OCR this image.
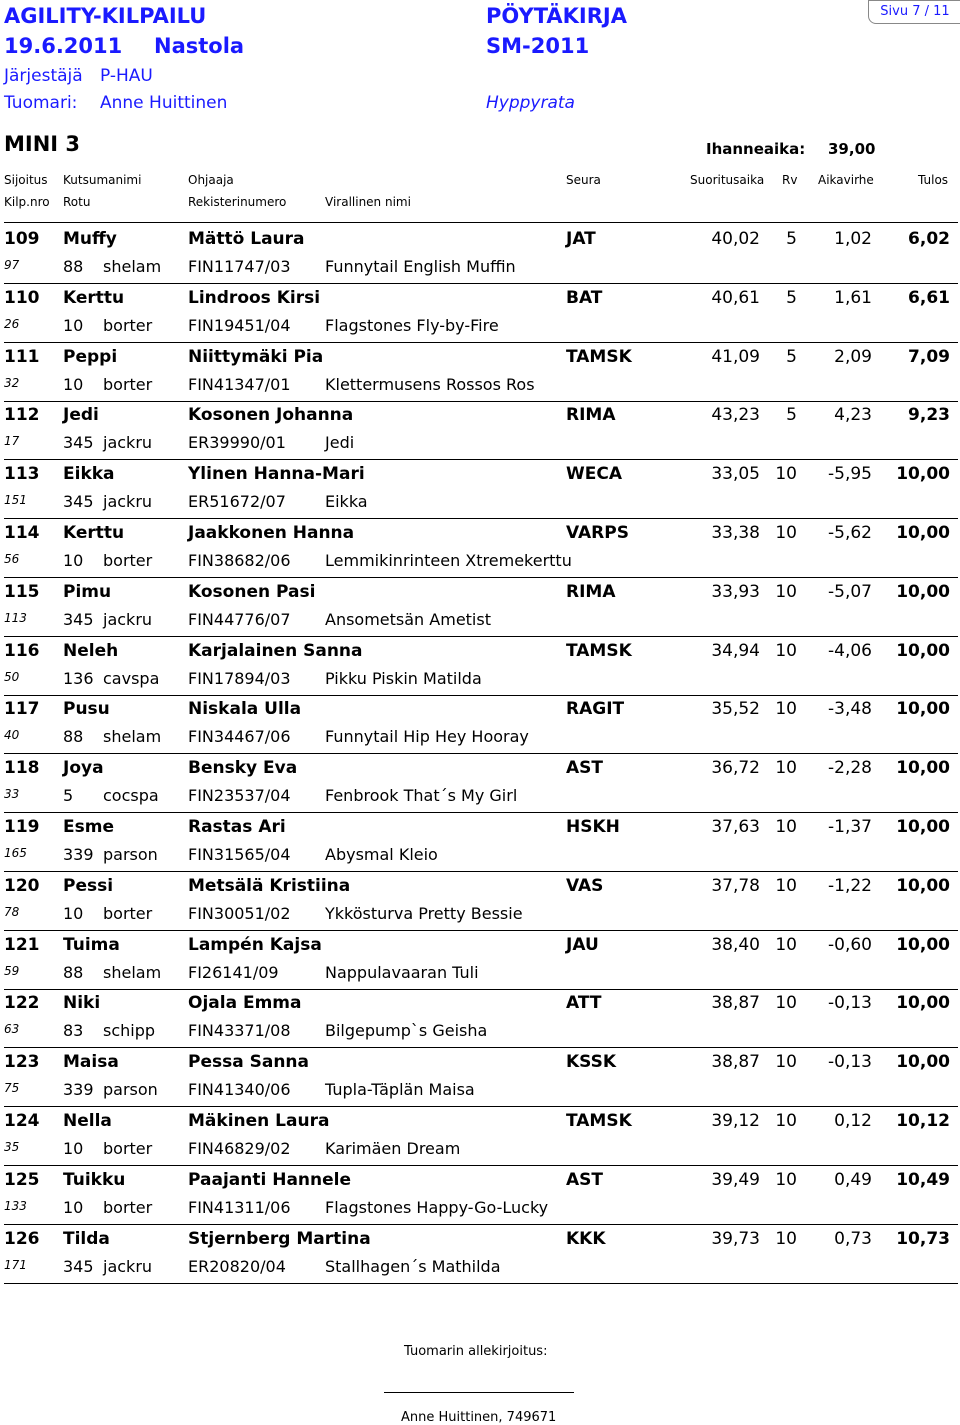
AGILITY-KILPAILU	PÖYTÄKIRJA	Sivu 7 / 11
19.6.2011 Nastola	SM-2011
Järjestäjä P-HAU
Tuomari: Anne Huittinen	Hyppyrata
MINI 3	Ihanneaika: 39,00
Sijoitus Kutsumanimi	Ohjaaja	Seura	Suoritusaika Rv Aikavirhe	Tulos
Kilp.nro Rotu	Rekisterinumero	Virallinen nimi
109 Muffy	Mättö Laura	JAT	40,02 5 1,02 6,02
97	88 shelam FIN11747/03 Funnytail English Muffin
110 Kerttu	Lindroos Kirsi	BAT	40,61 5 1,61 6,61
26	10 borter FIN19451/04 Flagstones Fly-by-Fire
111 Peppi	Niittymäki Pia	TAMSK	41,09 5 2,09 7,09
32	10 borter FIN41347/01 Klettermusens Rossos Ros
112 Jedi	Kosonen Johanna	RIMA	43,23 5 4,23 9,23
17	345 jackru ER39990/01 Jedi
113 Eikka	Ylinen Hanna-Mari	WECA	33,05 10 -5,95 10,00
151 345 jackru ER51672/07 Eikka
114 Kerttu	Jaakkonen Hanna	VARPS	33,38 10 -5,62 10,00
56	10 borter FIN38682/06 Lemmikinrinteen Xtremekerttu
115 Pimu	Kosonen Pasi	RIMA	33,93 10 -5,07 10,00
113 345 jackru FIN44776/07 Ansometsän Ametist
116 Neleh	Karjalainen Sanna	TAMSK	34,94 10 -4,06 10,00
50	136 cavspa FIN17894/03 Pikku Piskin Matilda
117 Pusu	Niskala Ulla	RAGIT	35,52 10 -3,48 10,00
40	88 shelam FIN34467/06 Funnytail Hip Hey Hooray
118 Joya	Bensky Eva	AST	36,72 10 -2,28 10,00
33	5 cocspa FIN23537/04 Fenbrook That´s My Girl
119 Esme	Rastas Ari	HSKH	37,63 10 -1,37 10,00
165 339 parson FIN31565/04 Abysmal Kleio
120 Pessi	Metsälä Kristiina	VAS	37,78 10 -1,22 10,00
78	10 borter FIN30051/02 Ykkösturva Pretty Bessie
121 Tuima	Lampén Kajsa	JAU	38,40 10 -0,60 10,00
59	88 shelam FI26141/09	Nappulavaaran Tuli
122 Niki	Ojala Emma	ATT	38,87 10 -0,13 10,00
63	83 schipp FIN43371/08 Bilgepump`s Geisha
123 Maisa	Pessa Sanna	KSSK	38,87 10 -0,13 10,00
75	339 parson FIN41340/06 Tupla-Täplän Maisa
124 Nella	Mäkinen Laura	TAMSK	39,12 10 0,12 10,12
35	10 borter FIN46829/02 Karimäen Dream
125 Tuikku	Paajanti Hannele	AST	39,49 10 0,49 10,49
133 10 borter FIN41311/06 Flagstones Happy-Go-Lucky
126 Tilda	Stjernberg Martina	KKK	39,73 10 0,73 10,73
171 345 jackru ER20820/04 Stallhagen´s Mathilda
Tuomarin allekirjoitus:
Anne Huittinen, 749671
